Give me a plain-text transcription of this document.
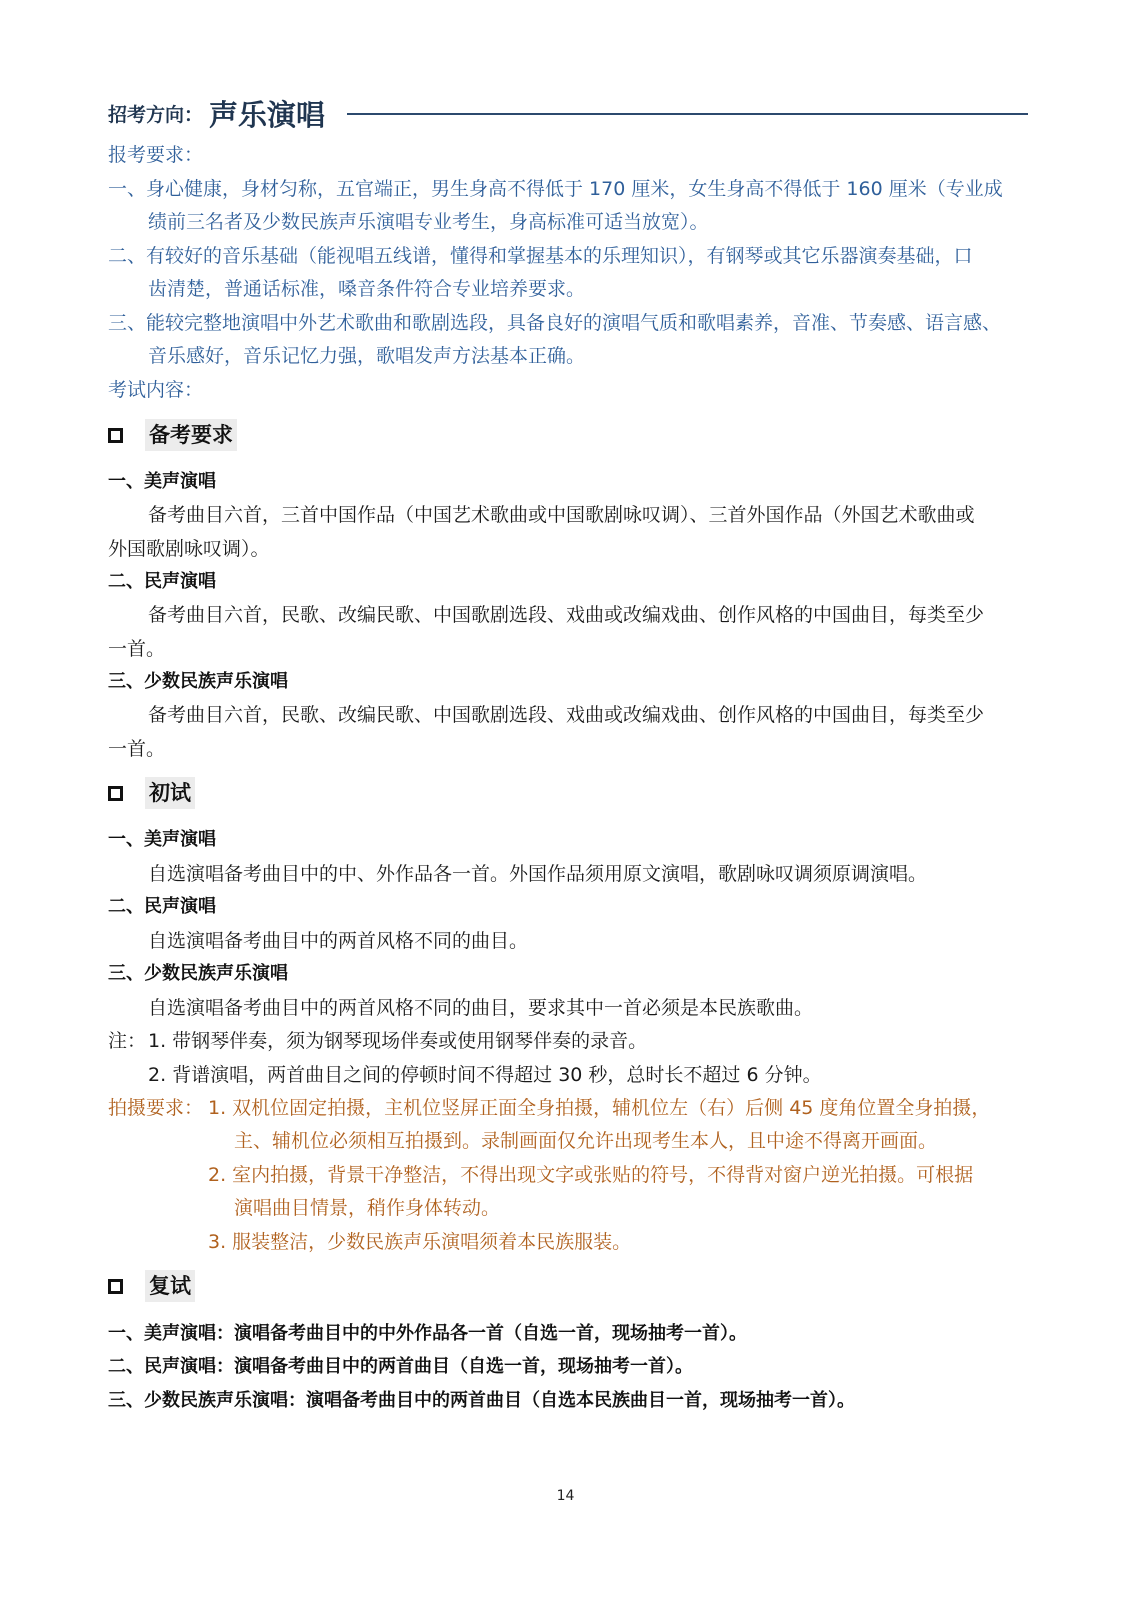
招考方向： 声乐演唱
报考要求：
一、身心健康，身材匀称，五官端正，男生身高不得低于 170 厘米，女生身高不得低于 160 厘米（专业成
绩前三名者及少数民族声乐演唱专业考生，身高标准可适当放宽）。
二、有较好的音乐基础（能视唱五线谱，懂得和掌握基本的乐理知识），有钢琴或其它乐器演奏基础，口
齿清楚，普通话标准，嗓音条件符合专业培养要求。
三、能较完整地演唱中外艺术歌曲和歌剧选段，具备良好的演唱气质和歌唱素养，音准、节奏感、语言感、
音乐感好，音乐记忆力强，歌唱发声方法基本正确。
考试内容：
备考要求
一、美声演唱
备考曲目六首，三首中国作品（中国艺术歌曲或中国歌剧咏叹调）、三首外国作品（外国艺术歌曲或
外国歌剧咏叹调）。
二、民声演唱
备考曲目六首，民歌、改编民歌、中国歌剧选段、戏曲或改编戏曲、创作风格的中国曲目，每类至少
一首。
三、少数民族声乐演唱
备考曲目六首，民歌、改编民歌、中国歌剧选段、戏曲或改编戏曲、创作风格的中国曲目，每类至少
一首。
初试
一、美声演唱
自选演唱备考曲目中的中、外作品各一首。外国作品须用原文演唱，歌剧咏叹调须原调演唱。
二、民声演唱
自选演唱备考曲目中的两首风格不同的曲目。
三、少数民族声乐演唱
自选演唱备考曲目中的两首风格不同的曲目，要求其中一首必须是本民族歌曲。
注： 1. 带钢琴伴奏，须为钢琴现场伴奏或使用钢琴伴奏的录音。
2. 背谱演唱，两首曲目之间的停顿时间不得超过 30 秒，总时长不超过 6 分钟。
拍摄要求： 1. 双机位固定拍摄，主机位竖屏正面全身拍摄，辅机位左（右）后侧 45 度角位置全身拍摄，
主、辅机位必须相互拍摄到。录制画面仅允许出现考生本人，且中途不得离开画面。
2. 室内拍摄，背景干净整洁，不得出现文字或张贴的符号，不得背对窗户逆光拍摄。可根据
演唱曲目情景，稍作身体转动。
3. 服装整洁，少数民族声乐演唱须着本民族服装。
复试
一、美声演唱：演唱备考曲目中的中外作品各一首（自选一首，现场抽考一首）。
二、民声演唱：演唱备考曲目中的两首曲目（自选一首，现场抽考一首）。
三、少数民族声乐演唱：演唱备考曲目中的两首曲目（自选本民族曲目一首，现场抽考一首）。
14
